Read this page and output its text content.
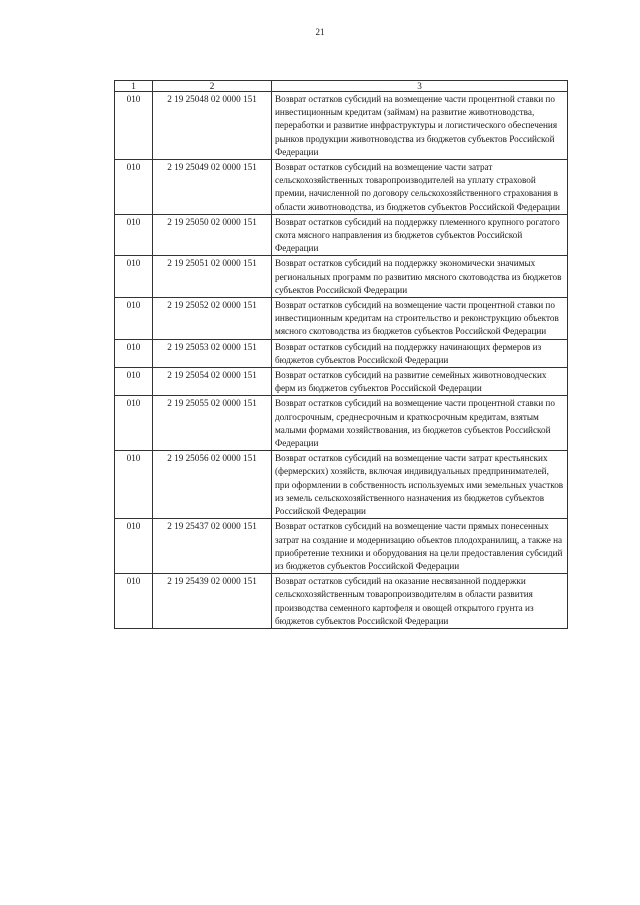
21
1	2	3
010	2 19 25048 02 0000 151	Возврат остатков субсидий на возмещение части процентной ставки по инвестиционным кредитам (займам) на развитие животноводства, переработки и развитие инфраструктуры и логистического обеспечения рынков продукции животноводства из бюджетов субъектов Российской Федерации
010	2 19 25049 02 0000 151	Возврат остатков субсидий на возмещение части затрат сельскохозяйственных товаропроизводителей на уплату страховой премии, начисленной по договору сельскохозяйственного страхования в области животноводства, из бюджетов субъектов Российской Федерации
010	2 19 25050 02 0000 151	Возврат остатков субсидий на поддержку племенного крупного рогатого скота мясного направления из бюджетов субъектов Российской Федерации
010	2 19 25051 02 0000 151	Возврат остатков субсидий на поддержку экономически значимых региональных программ по развитию мясного скотоводства из бюджетов субъектов Российской Федерации
010	2 19 25052 02 0000 151	Возврат остатков субсидий на возмещение части процентной ставки по инвестиционным кредитам на строительство и реконструкцию объектов мясного скотоводства из бюджетов субъектов Российской Федерации
010	2 19 25053 02 0000 151	Возврат остатков субсидий на поддержку начинающих фермеров из бюджетов субъектов Российской Федерации
010	2 19 25054 02 0000 151	Возврат остатков субсидий на развитие семейных животноводческих ферм из бюджетов субъектов Российской Федерации
010	2 19 25055 02 0000 151	Возврат остатков субсидий на возмещение части процентной ставки по долгосрочным, среднесрочным и краткосрочным кредитам, взятым малыми формами хозяйствования, из бюджетов субъектов Российской Федерации
010	2 19 25056 02 0000 151	Возврат остатков субсидий на возмещение части затрат крестьянских (фермерских) хозяйств, включая индивидуальных предпринимателей, при оформлении в собственность используемых ими земельных участков из земель сельскохозяйственного назначения из бюджетов субъектов Российской Федерации
010	2 19 25437 02 0000 151	Возврат остатков субсидий на возмещение части прямых понесенных затрат на создание и модернизацию объектов плодохранилищ, а также на приобретение техники и оборудования на цели предоставления субсидий из бюджетов субъектов Российской Федерации
010	2 19 25439 02 0000 151	Возврат остатков субсидий на оказание несвязанной поддержки сельскохозяйственным товаропроизводителям в области развития производства семенного картофеля и овощей открытого грунта из бюджетов субъектов Российской Федерации
